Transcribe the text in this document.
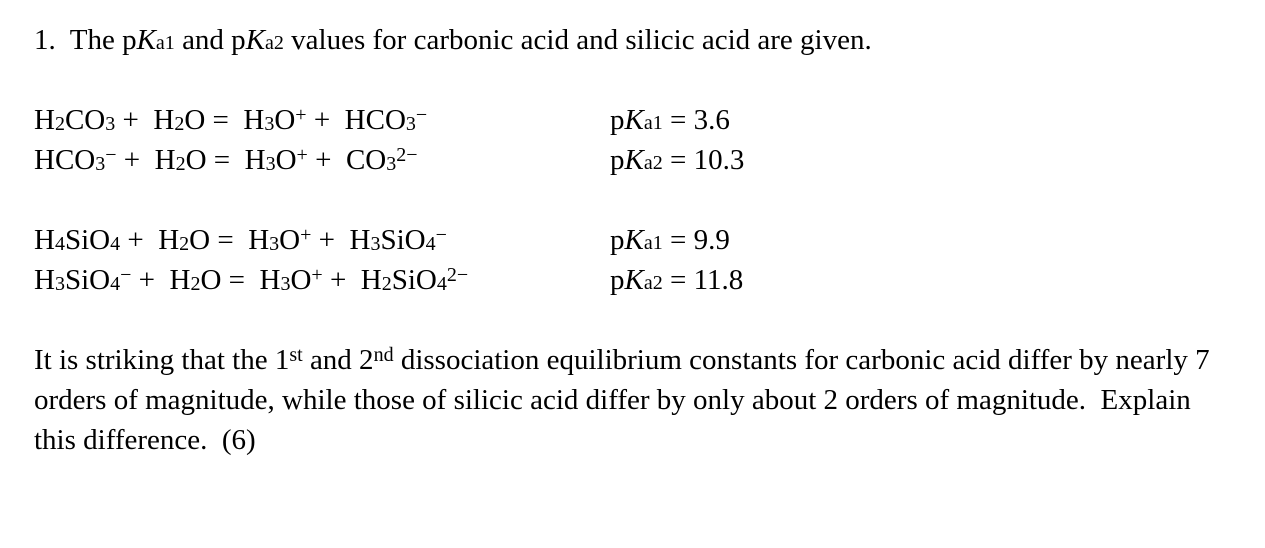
1. The pKa1 and pKa2 values for carbonic acid and silicic acid are given.
$H_2CO_3 + H_2O = H_3O^+ + HCO_3^-$	pKa1 = 3.6
$HCO_3^- + H_2O = H_3O^+ + CO_3^{2-}$	pKa2 = 10.3
$H_4SiO_4 + H_2O = H_3O^+ + H_3SiO_4^-$	pKa1 = 9.9
$H_3SiO_4^- + H_2O = H_3O^+ + H_2SiO_4^{2-}$	pKa2 = 11.8
It is striking that the 1st and 2nd dissociation equilibrium constants for carbonic acid differ by nearly 7 orders of magnitude, while those of silicic acid differ by only about 2 orders of magnitude.  Explain this difference.  (6)
